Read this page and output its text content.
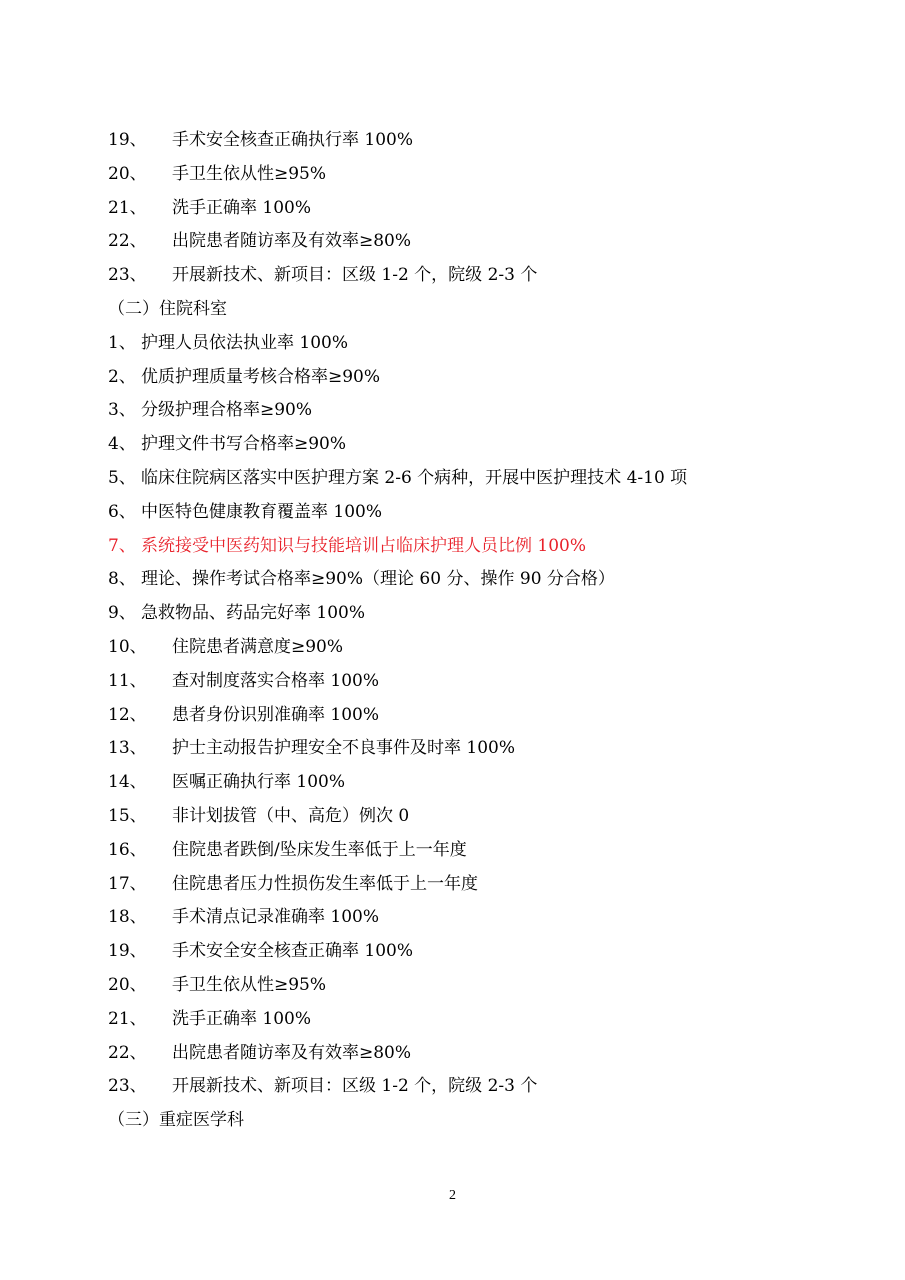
19、 手术安全核查正确执行率 100%
20、 手卫生依从性≥95%
21、 洗手正确率 100%
22、 出院患者随访率及有效率≥80%
23、 开展新技术、新项目：区级 1-2 个，院级 2-3 个
（二）住院科室
1、 护理人员依法执业率 100%
2、 优质护理质量考核合格率≥90%
3、 分级护理合格率≥90%
4、 护理文件书写合格率≥90%
5、 临床住院病区落实中医护理方案 2-6 个病种，开展中医护理技术 4-10 项
6、 中医特色健康教育覆盖率 100%
7、 系统接受中医药知识与技能培训占临床护理人员比例 100%
8、 理论、操作考试合格率≥90%（理论 60 分、操作 90 分合格）
9、 急救物品、药品完好率 100%
10、 住院患者满意度≥90%
11、 查对制度落实合格率 100%
12、 患者身份识别准确率 100%
13、 护士主动报告护理安全不良事件及时率 100%
14、 医嘱正确执行率 100%
15、 非计划拔管（中、高危）例次 0
16、 住院患者跌倒/坠床发生率低于上一年度
17、 住院患者压力性损伤发生率低于上一年度
18、 手术清点记录准确率 100%
19、 手术安全安全核查正确率 100%
20、 手卫生依从性≥95%
21、 洗手正确率 100%
22、 出院患者随访率及有效率≥80%
23、 开展新技术、新项目：区级 1-2 个，院级 2-3 个
（三）重症医学科
2
